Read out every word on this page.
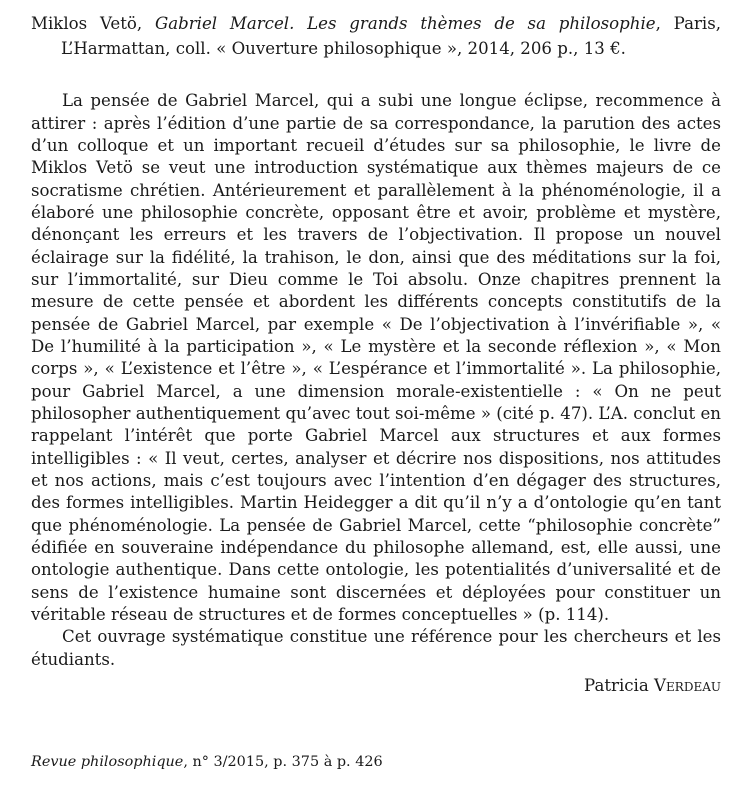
Miklos Vetö, Gabriel Marcel. Les grands thèmes de sa philosophie, Paris, L’Harmattan, coll. « Ouverture philosophique », 2014, 206 p., 13 €.

La pensée de Gabriel Marcel, qui a subi une longue éclipse, recommence à attirer : après l’édition d’une partie de sa correspondance, la parution des actes d’un colloque et un important recueil d’études sur sa philosophie, le livre de Miklos Vetö se veut une introduction systématique aux thèmes majeurs de ce socratisme chrétien. Antérieurement et parallèlement à la phénoménologie, il a élaboré une philosophie concrète, opposant être et avoir, problème et mystère, dénonçant les erreurs et les travers de l’objectivation. Il propose un nouvel éclairage sur la fidélité, la trahison, le don, ainsi que des méditations sur la foi, sur l’immortalité, sur Dieu comme le Toi absolu. Onze chapitres prennent la mesure de cette pensée et abordent les différents concepts constitutifs de la pensée de Gabriel Marcel, par exemple « De l’objectivation à l’invérifiable », « De l’humilité à la participation », « Le mystère et la seconde réflexion », « Mon corps », « L’existence et l’être », « L’espérance et l’immortalité ». La philosophie, pour Gabriel Marcel, a une dimension morale-existentielle : « On ne peut philosopher authentiquement qu’avec tout soi-même » (cité p. 47). L’A. conclut en rappelant l’intérêt que porte Gabriel Marcel aux structures et aux formes intelligibles : « Il veut, certes, analyser et décrire nos dispositions, nos attitudes et nos actions, mais c’est toujours avec l’intention d’en dégager des structures, des formes intelligibles. Martin Heidegger a dit qu’il n’y a d’ontologie qu’en tant que phénoménologie. La pensée de Gabriel Marcel, cette “philosophie concrète” édifiée en souveraine indépendance du philosophe allemand, est, elle aussi, une ontologie authentique. Dans cette ontologie, les potentialités d’universalité et de sens de l’existence humaine sont discernées et déployées pour constituer un véritable réseau de structures et de formes conceptuelles » (p. 114).

Cet ouvrage systématique constitue une référence pour les chercheurs et les étudiants.

Patricia Verdeau
Revue philosophique, n° 3/2015, p. 375 à p. 426
